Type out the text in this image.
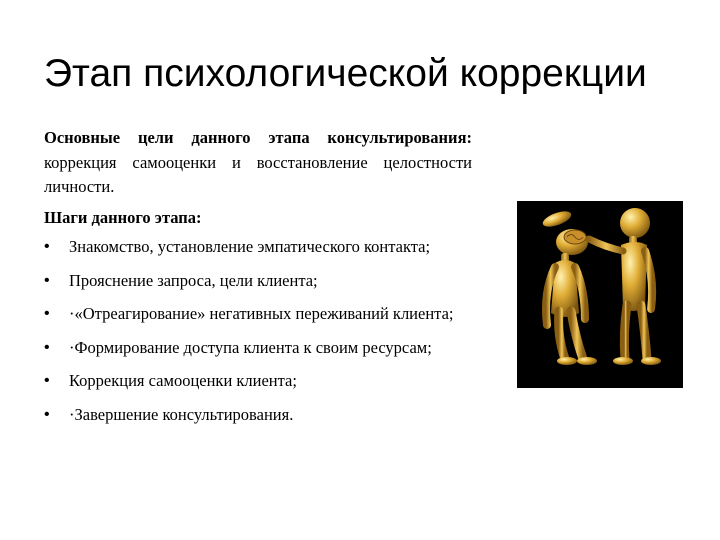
Этап психологической коррекции

Основные цели данного этапа консультирования: коррекция самооценки и восстановление целостности личности.

Шаги данного этапа:
• Знакомство, установление эмпатического контакта;
• Прояснение запроса, цели клиента;
• ·«Отреагирование» негативных переживаний клиента;
• ·Формирование доступа клиента к своим ресурсам;
• Коррекция самооценки клиента;
• ·Завершение консультирования.
